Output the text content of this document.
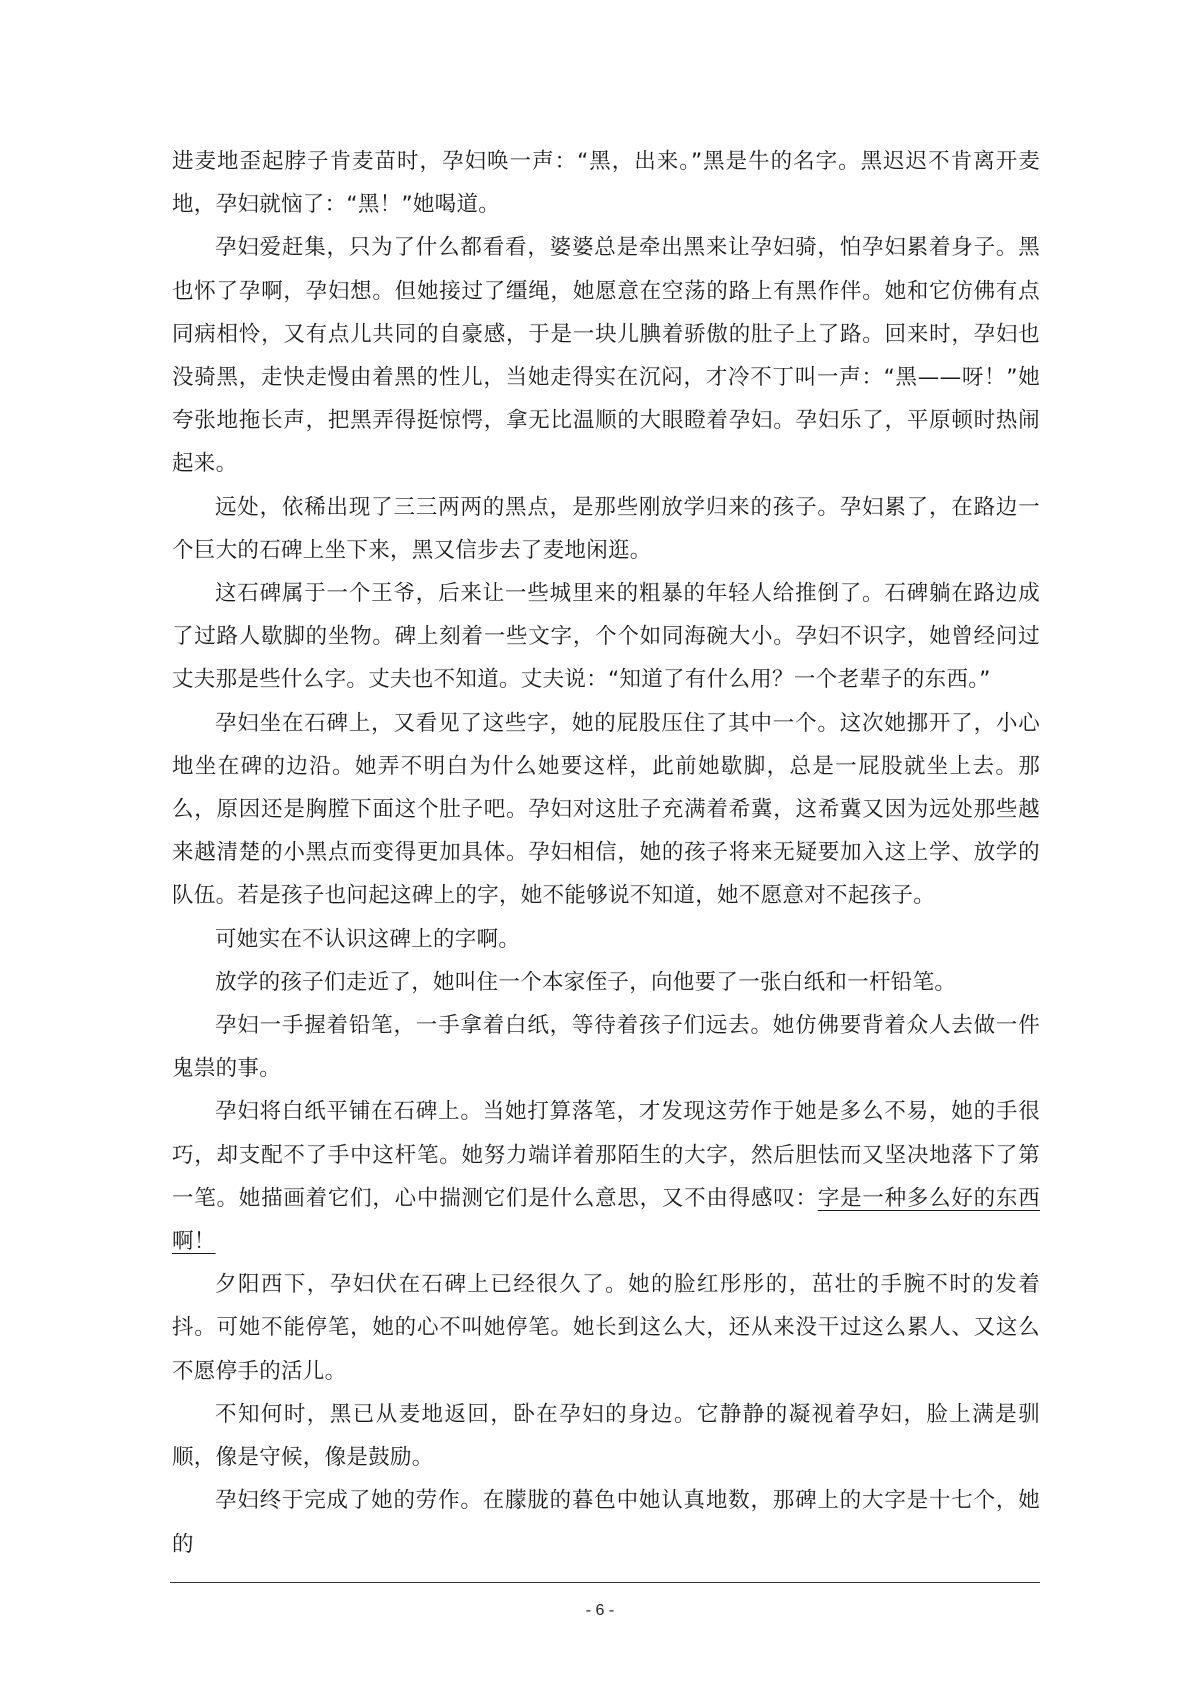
进麦地歪起脖子肯麦苗时，孕妇唤一声：“黑，出来。”黑是牛的名字。黑迟迟不肯离开麦地，孕妇就恼了：“黑！”她喝道。

孕妇爱赶集，只为了什么都看看，婆婆总是牵出黑来让孕妇骑，怕孕妇累着身子。黑也怀了孕啊，孕妇想。但她接过了缰绳，她愿意在空荡的路上有黑作伴。她和它仿佛有点同病相怜，又有点儿共同的自豪感，于是一块儿腆着骄傲的肚子上了路。回来时，孕妇也没骑黑，走快走慢由着黑的性儿，当她走得实在沉闷，才冷不丁叫一声：“黑——呀！”她夸张地拖长声，把黑弄得挺惊愕，拿无比温顺的大眼瞪着孕妇。孕妇乐了，平原顿时热闹起来。

远处，依稀出现了三三两两的黑点，是那些刚放学归来的孩子。孕妇累了，在路边一个巨大的石碑上坐下来，黑又信步去了麦地闲逛。

这石碑属于一个王爷，后来让一些城里来的粗暴的年轻人给推倒了。石碑躺在路边成了过路人歇脚的坐物。碑上刻着一些文字，个个如同海碗大小。孕妇不识字，她曾经问过丈夫那是些什么字。丈夫也不知道。丈夫说：“知道了有什么用？一个老辈子的东西。”

孕妇坐在石碑上，又看见了这些字，她的屁股压住了其中一个。这次她挪开了，小心地坐在碑的边沿。她弄不明白为什么她要这样，此前她歇脚，总是一屁股就坐上去。那么，原因还是胸膛下面这个肚子吧。孕妇对这肚子充满着希冀，这希冀又因为远处那些越来越清楚的小黑点而变得更加具体。孕妇相信，她的孩子将来无疑要加入这上学、放学的队伍。若是孩子也问起这碑上的字，她不能够说不知道，她不愿意对不起孩子。

可她实在不认识这碑上的字啊。

放学的孩子们走近了，她叫住一个本家侄子，向他要了一张白纸和一杆铅笔。

孕妇一手握着铅笔，一手拿着白纸，等待着孩子们远去。她仿佛要背着众人去做一件鬼祟的事。

孕妇将白纸平铺在石碑上。当她打算落笔，才发现这劳作于她是多么不易，她的手很巧，却支配不了手中这杆笔。她努力端详着那陌生的大字，然后胆怯而又坚决地落下了第一笔。她描画着它们，心中揣测它们是什么意思，又不由得感叹：字是一种多么好的东西啊！

夕阳西下，孕妇伏在石碑上已经很久了。她的脸红彤彤的，茁壮的手腕不时的发着抖。可她不能停笔，她的心不叫她停笔。她长到这么大，还从来没干过这么累人、又这么不愿停手的活儿。

不知何时，黑已从麦地返回，卧在孕妇的身边。它静静的凝视着孕妇，脸上满是驯顺，像是守候，像是鼓励。

孕妇终于完成了她的劳作。在朦胧的暮色中她认真地数，那碑上的大字是十七个，她的

- 6 -
